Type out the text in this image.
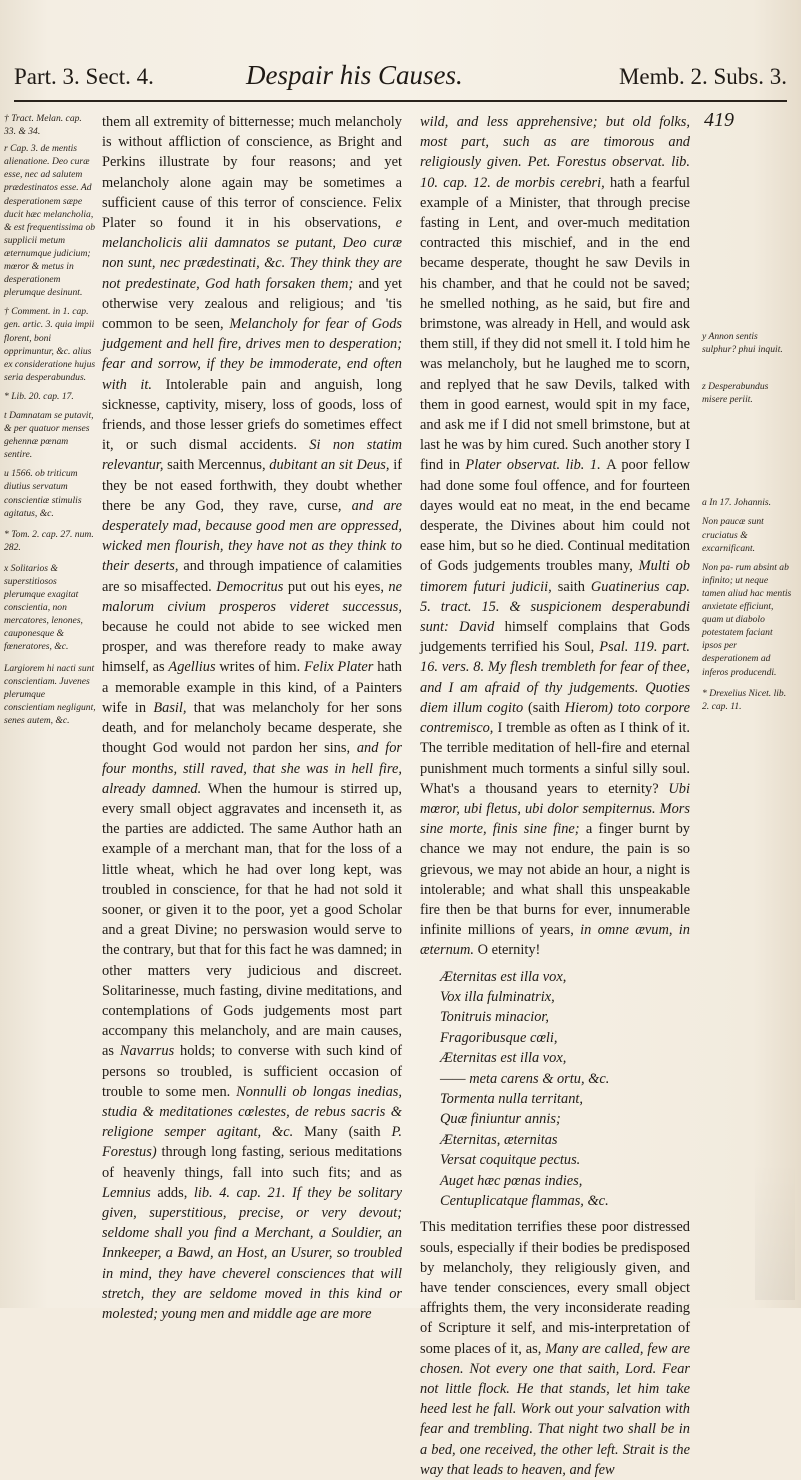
Part. 3. Sect. 4.	Despair his Causes.	Memb. 2. Subs. 3.
† Tract. Melan. cap. 33. & 34.
r Cap. 3. de mentis alienatione. Deo curæ esse, nec ad salutem prædestinatos esse. Ad desperationem sæpe ducit hæc melancholia, & est frequentissima ob supplicii metum æternumque judicium; mœror & metus in desperationem plerumque desinunt.
† Comment. in 1. cap. gen. artic. 3. quia impii florent, boni opprimuntur, &c. alius ex consideratione hujus seria desperabundus.
* Lib. 20. cap. 17.
t Damnatam se putavit, & per quatuor menses gehennæ pœnam sentire.
u 1566. ob triticum diutius servatum conscientiæ stimulis agitatus, &c.
* Tom. 2. cap. 27. num. 282.
x Solitarios & superstitiosos plerumque exagitat conscientia, non mercatores, lenones, cauponesque & fœneratores, &c.
Largiorem hi nacti sunt conscientiam. Juvenes plerumque conscientiam negligunt, senes autem, &c.

them all extremity of bitternesse; much melancholy is without affliction of conscience, as Bright and Perkins illustrate by four reasons; and yet melancholy alone again may be sometimes a sufficient cause of this terror of conscience. Felix Plater so found it in his observations, e melancholicis alii damnatos se putant, Deo curæ non sunt, nec prædestinati, &c. They think they are not predestinate, God hath forsaken them; and yet otherwise very zealous and religious; and 'tis common to be seen, Melancholy for fear of Gods judgement and hell fire, drives men to desperation; fear and sorrow, if they be immoderate, end often with it. Intolerable pain and anguish, long sicknesse, captivity, misery, loss of goods, loss of friends, and those lesser griefs do sometimes effect it, or such dismal accidents. Si non statim relevantur, saith Mercennus, dubitant an sit Deus, if they be not eased forthwith, they doubt whether there be any God, they rave, curse, and are desperately mad, because good men are oppressed, wicked men flourish, they have not as they think to their deserts, and through impatience of calamities are so misaffected. Democritus put out his eyes, ne malorum civium prosperos videret successus, because he could not abide to see wicked men prosper, and was therefore ready to make away himself, as Agellius writes of him. Felix Plater hath a memorable example in this kind, of a Painters wife in Basil, that was melancholy for her sons death, and for melancholy became desperate, she thought God would not pardon her sins, and for four months, still raved, that she was in hell fire, already damned. When the humour is stirred up, every small object aggravates and incenseth it, as the parties are addicted. The same Author hath an example of a merchant man, that for the loss of a little wheat, which he had over long kept, was troubled in conscience, for that he had not sold it sooner, or given it to the poor, yet a good Scholar and a great Divine; no perswasion would serve to the contrary, but that for this fact he was damned; in other matters very judicious and discreet. Solitarinesse, much fasting, divine meditations, and contemplations of Gods judgements most part accompany this melancholy, and are main causes, as Navarrus holds; to converse with such kind of persons so troubled, is sufficient occasion of trouble to some men. Nonnulli ob longas inedias, studia & meditationes cœlestes, de rebus sacris & religione semper agitant, &c. Many (saith P. Forestus) through long fasting, serious meditations of heavenly things, fall into such fits; and as Lemnius adds, lib. 4. cap. 21. If they be solitary given, superstitious, precise, or very devout; seldome shall you find a Merchant, a Souldier, an Innkeeper, a Bawd, an Host, an Usurer, so troubled in mind, they have cheverel consciences that will stretch, they are seldome moved in this kind or molested; young men and middle age are more

419

wild, and less apprehensive; but old folks, most part, such as are timorous and religiously given. Pet. Forestus observat. lib. 10. cap. 12. de morbis cerebri, hath a fearful example of a Minister, that through precise fasting in Lent, and over-much meditation contracted this mischief, and in the end became desperate, thought he saw Devils in his chamber, and that he could not be saved; he smelled nothing, as he said, but fire and brimstone, was already in Hell, and would ask them still, if they did not smell it. I told him he was melancholy, but he laughed me to scorn, and replyed that he saw Devils, talked with them in good earnest, would spit in my face, and ask me if I did not smell brimstone, but at last he was by him cured. Such another story I find in Plater observat. lib. 1. A poor fellow had done some foul offence, and for fourteen dayes would eat no meat, in the end became desperate, the Divines about him could not ease him, but so he died. Continual meditation of Gods judgements troubles many, Multi ob timorem futuri judicii, saith Guatinerius cap. 5. tract. 15. & suspicionem desperabundi sunt: David himself complains that Gods judgements terrified his Soul, Psal. 119. part. 16. vers. 8. My flesh trembleth for fear of thee, and I am afraid of thy judgements. Quoties diem illum cogito (saith Hierom) toto corpore contremisco, I tremble as often as I think of it. The terrible meditation of hell-fire and eternal punishment much torments a sinful silly soul. What's a thousand years to eternity? Ubi mœror, ubi fletus, ubi dolor sempiternus. Mors sine morte, finis sine fine; a finger burnt by chance we may not endure, the pain is so grievous, we may not abide an hour, a night is intolerable; and what shall this unspeakable fire then be that burns for ever, innumerable infinite millions of years, in omne ævum, in æternum. O eternity!

Æternitas est illa vox,
Vox illa fulminatrix,
Tonitruis minacior,
Fragoribusque cœli,
Æternitas est illa vox,
—— meta carens & ortu, &c.
Tormenta nulla territant,
Quæ finiuntur annis;
Æternitas, æternitas
Versat coquitque pectus.
Auget hæc pœnas indies,
Centuplicatque flammas, &c.

This meditation terrifies these poor distressed souls, especially if their bodies be predisposed by melancholy, they religiously given, and have tender consciences, every small object affrights them, the very inconsiderate reading of Scripture it self, and mis-interpretation of some places of it, as, Many are called, few are chosen. Not every one that saith, Lord. Fear not little flock. He that stands, let him take heed lest he fall. Work out your salvation with fear and trembling. That night two shall be in a bed, one received, the other left. Strait is the way that leads to heaven, and few

y Annon sentis sulphur? phui inquit.
z Desperabundus misere periit.
a In 17. Johannis.
Non paucæ sunt cruciatus & excarnificant.
Non pa- rum absint ab infinito; ut neque tamen aliud hac mentis anxietate efficiunt, quam ut diabolo potestatem faciant ipsos per desperationem ad inferos producendi.
* Drexelius Nicet. lib. 2. cap. 11.
